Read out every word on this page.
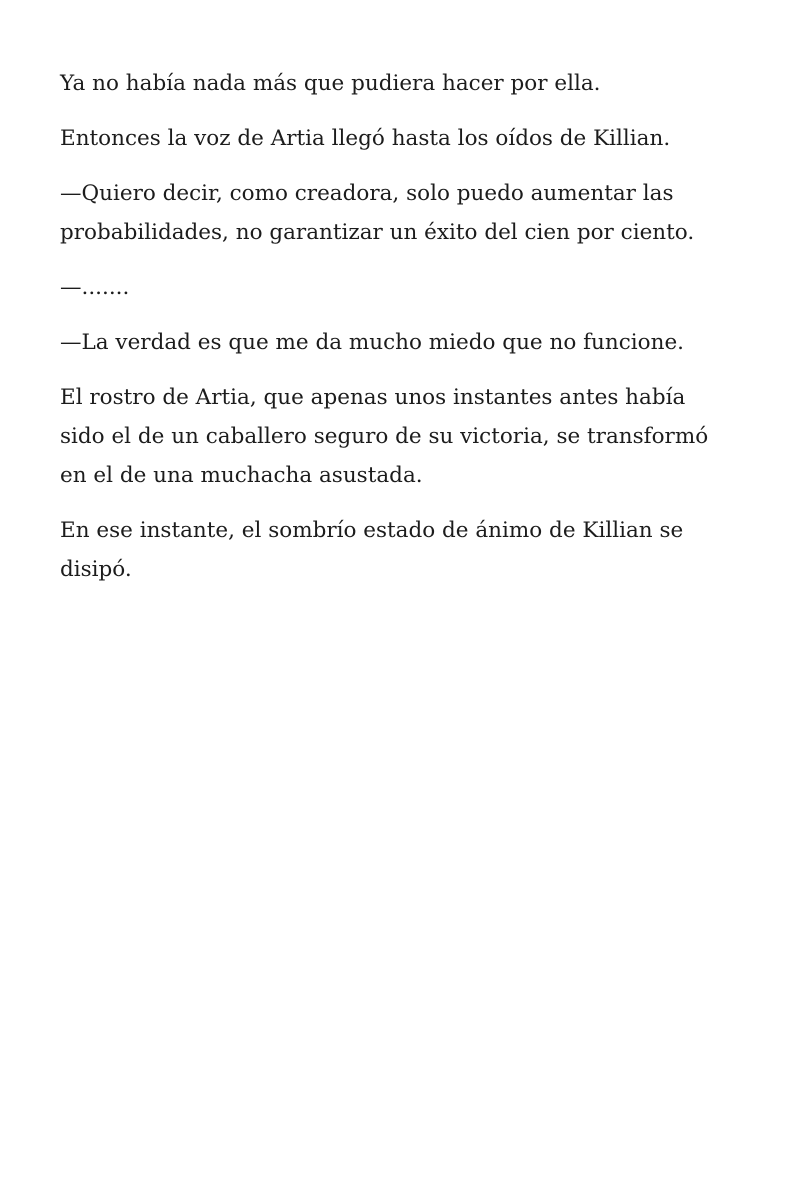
Ya no había nada más que pudiera hacer por ella.

Entonces la voz de Artia llegó hasta los oídos de Killian.

—Quiero decir, como creadora, solo puedo aumentar las
probabilidades, no garantizar un éxito del cien por ciento.

—.......

—La verdad es que me da mucho miedo que no funcione.

El rostro de Artia, que apenas unos instantes antes había
sido el de un caballero seguro de su victoria, se transformó
en el de una muchacha asustada.

En ese instante, el sombrío estado de ánimo de Killian se
disipó.
